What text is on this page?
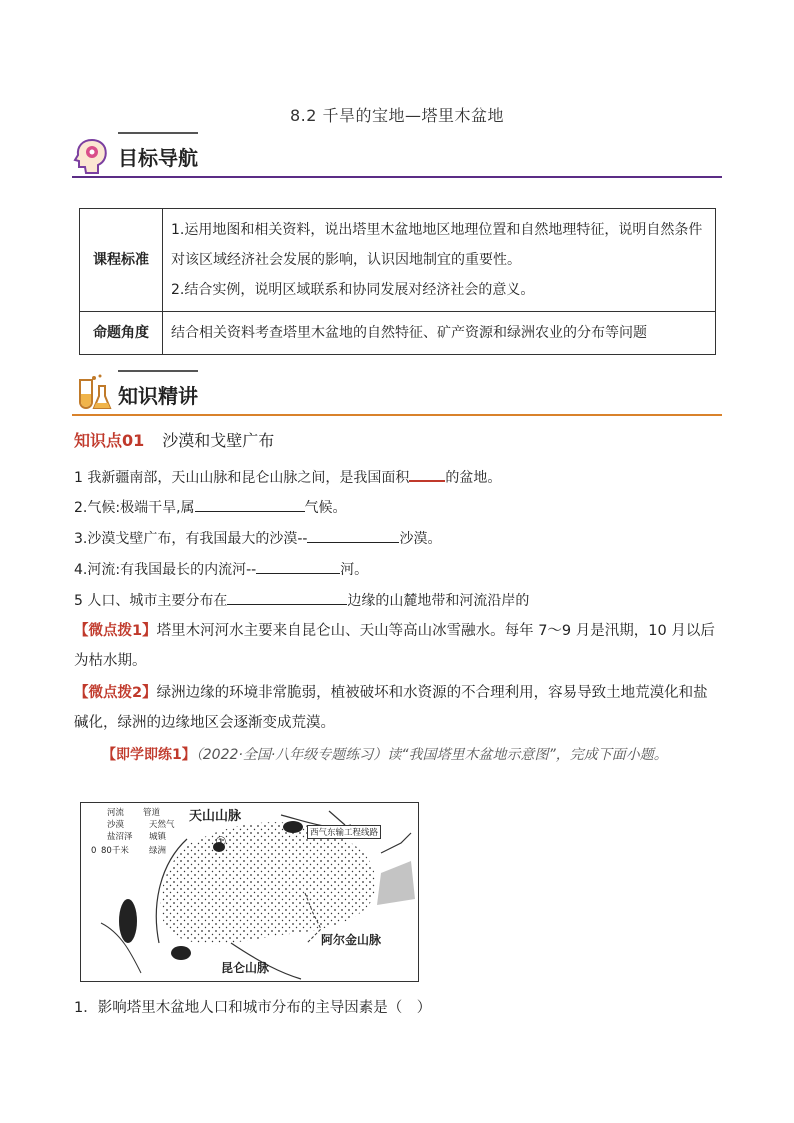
8.2 千旱的宝地—塔里木盆地
目标导航
课程标准	1.运用地图和相关资料，说出塔里木盆地地区地理位置和自然地理特征，说明自然条件对该区域经济社会发展的影响，认识因地制宜的重要性。
2.结合实例，说明区域联系和协同发展对经济社会的意义。

命题角度	结合相关资料考查塔里木盆地的自然特征、矿产资源和绿洲农业的分布等问题
知识精讲
知识点01 沙漠和戈壁广布
1 我新疆南部，天山山脉和昆仑山脉之间，是我国面积	的盆地。
2.气候:极端干旱,属	气候。
3.沙漠戈壁广布，有我国最大的沙漠--	沙漠。
4.河流:有我国最长的内流河--	河。
5 人口、城市主要分布在	边缘的山麓地带和河流沿岸的
【微点拨1】塔里木河河水主要来自昆仑山、天山等高山冰雪融水。每年 7～9 月是汛期，10 月以后为枯水期。
【微点拨2】绿洲边缘的环境非常脆弱，植被破坏和水资源的不合理利用，容易导致土地荒漠化和盐碱化，绿洲的边缘地区会逐渐变成荒漠。
【即学即练1】（2022·全国·八年级专题练习）读“我国塔里木盆地示意图”，完成下面小题。
河流 管道
沙漠	天然气
盐沼泽 城镇
0 80千米 绿洲
天山山脉
①
西气东输工程线路
阿尔金山脉
昆仑山脉
1．影响塔里木盆地人口和城市分布的主导因素是（　）
